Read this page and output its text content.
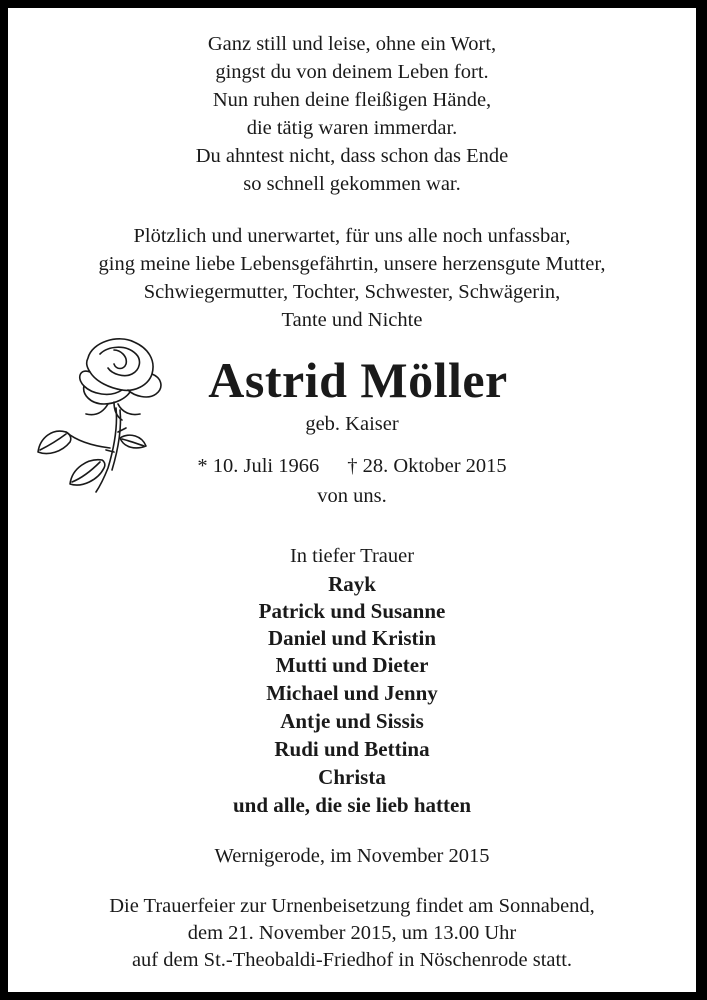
Ganz still und leise, ohne ein Wort,
gingst du von deinem Leben fort.
Nun ruhen deine fleißigen Hände,
die tätig waren immerdar.
Du ahntest nicht, dass schon das Ende
so schnell gekommen war.
Plötzlich und unerwartet, für uns alle noch unfassbar,
ging meine liebe Lebensgefährtin, unsere herzensgute Mutter,
Schwiegermutter, Tochter, Schwester, Schwägerin,
Tante und Nichte
Astrid Möller
geb. Kaiser
* 10. Juli 1966 † 28. Oktober 2015
von uns.
In tiefer Trauer
Rayk
Patrick und Susanne
Daniel und Kristin
Mutti und Dieter
Michael und Jenny
Antje und Sissis
Rudi und Bettina
Christa
und alle, die sie lieb hatten
Wernigerode, im November 2015
Die Trauerfeier zur Urnenbeisetzung findet am Sonnabend,
dem 21. November 2015, um 13.00 Uhr
auf dem St.-Theobaldi-Friedhof in Nöschenrode statt.
